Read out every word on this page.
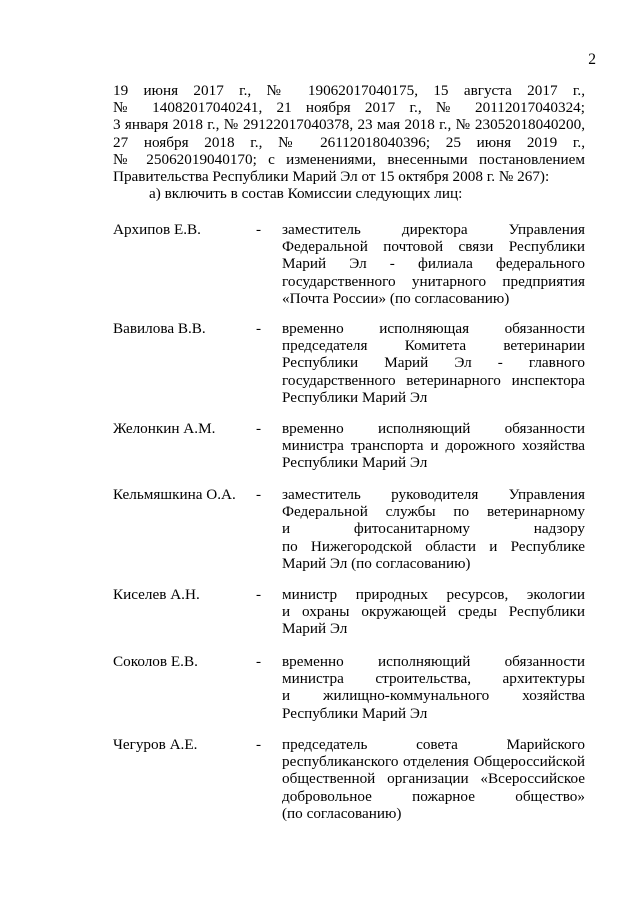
2
19 июня 2017 г., № 19062017040175, 15 августа 2017 г.,
№ 14082017040241, 21 ноября 2017 г., № 20112017040324;
3 января 2018 г., № 29122017040378, 23 мая 2018 г., № 23052018040200,
27 ноября 2018 г., № 26112018040396; 25 июня 2019 г.,
№ 25062019040170; с изменениями, внесенными постановлением
Правительства Республики Марий Эл от 15 октября 2008 г. № 267):
а) включить в состав Комиссии следующих лиц:
Архипов Е.В.	- заместитель директора Управления
Федеральной почтовой связи Республики
Марий Эл - филиала федерального
государственного унитарного предприятия
«Почта России» (по согласованию)
Вавилова В.В.	- временно исполняющая обязанности
председателя Комитета ветеринарии
Республики Марий Эл - главного
государственного ветеринарного инспектора
Республики Марий Эл
Желонкин А.М.	- временно исполняющий обязанности
министра транспорта и дорожного хозяйства
Республики Марий Эл
Кельмяшкина О.А. - заместитель руководителя Управления
Федеральной службы по ветеринарному
и фитосанитарному надзору
по Нижегородской области и Республике
Марий Эл (по согласованию)
Киселев А.Н.	- министр природных ресурсов, экологии
и охраны окружающей среды Республики
Марий Эл
Соколов Е.В.	- временно исполняющий обязанности
министра строительства, архитектуры
и жилищно-коммунального хозяйства
Республики Марий Эл
Чегуров А.Е.	- председатель совета Марийского
республиканского отделения Общероссийской
общественной организации «Всероссийское
добровольное пожарное общество»
(по согласованию)
